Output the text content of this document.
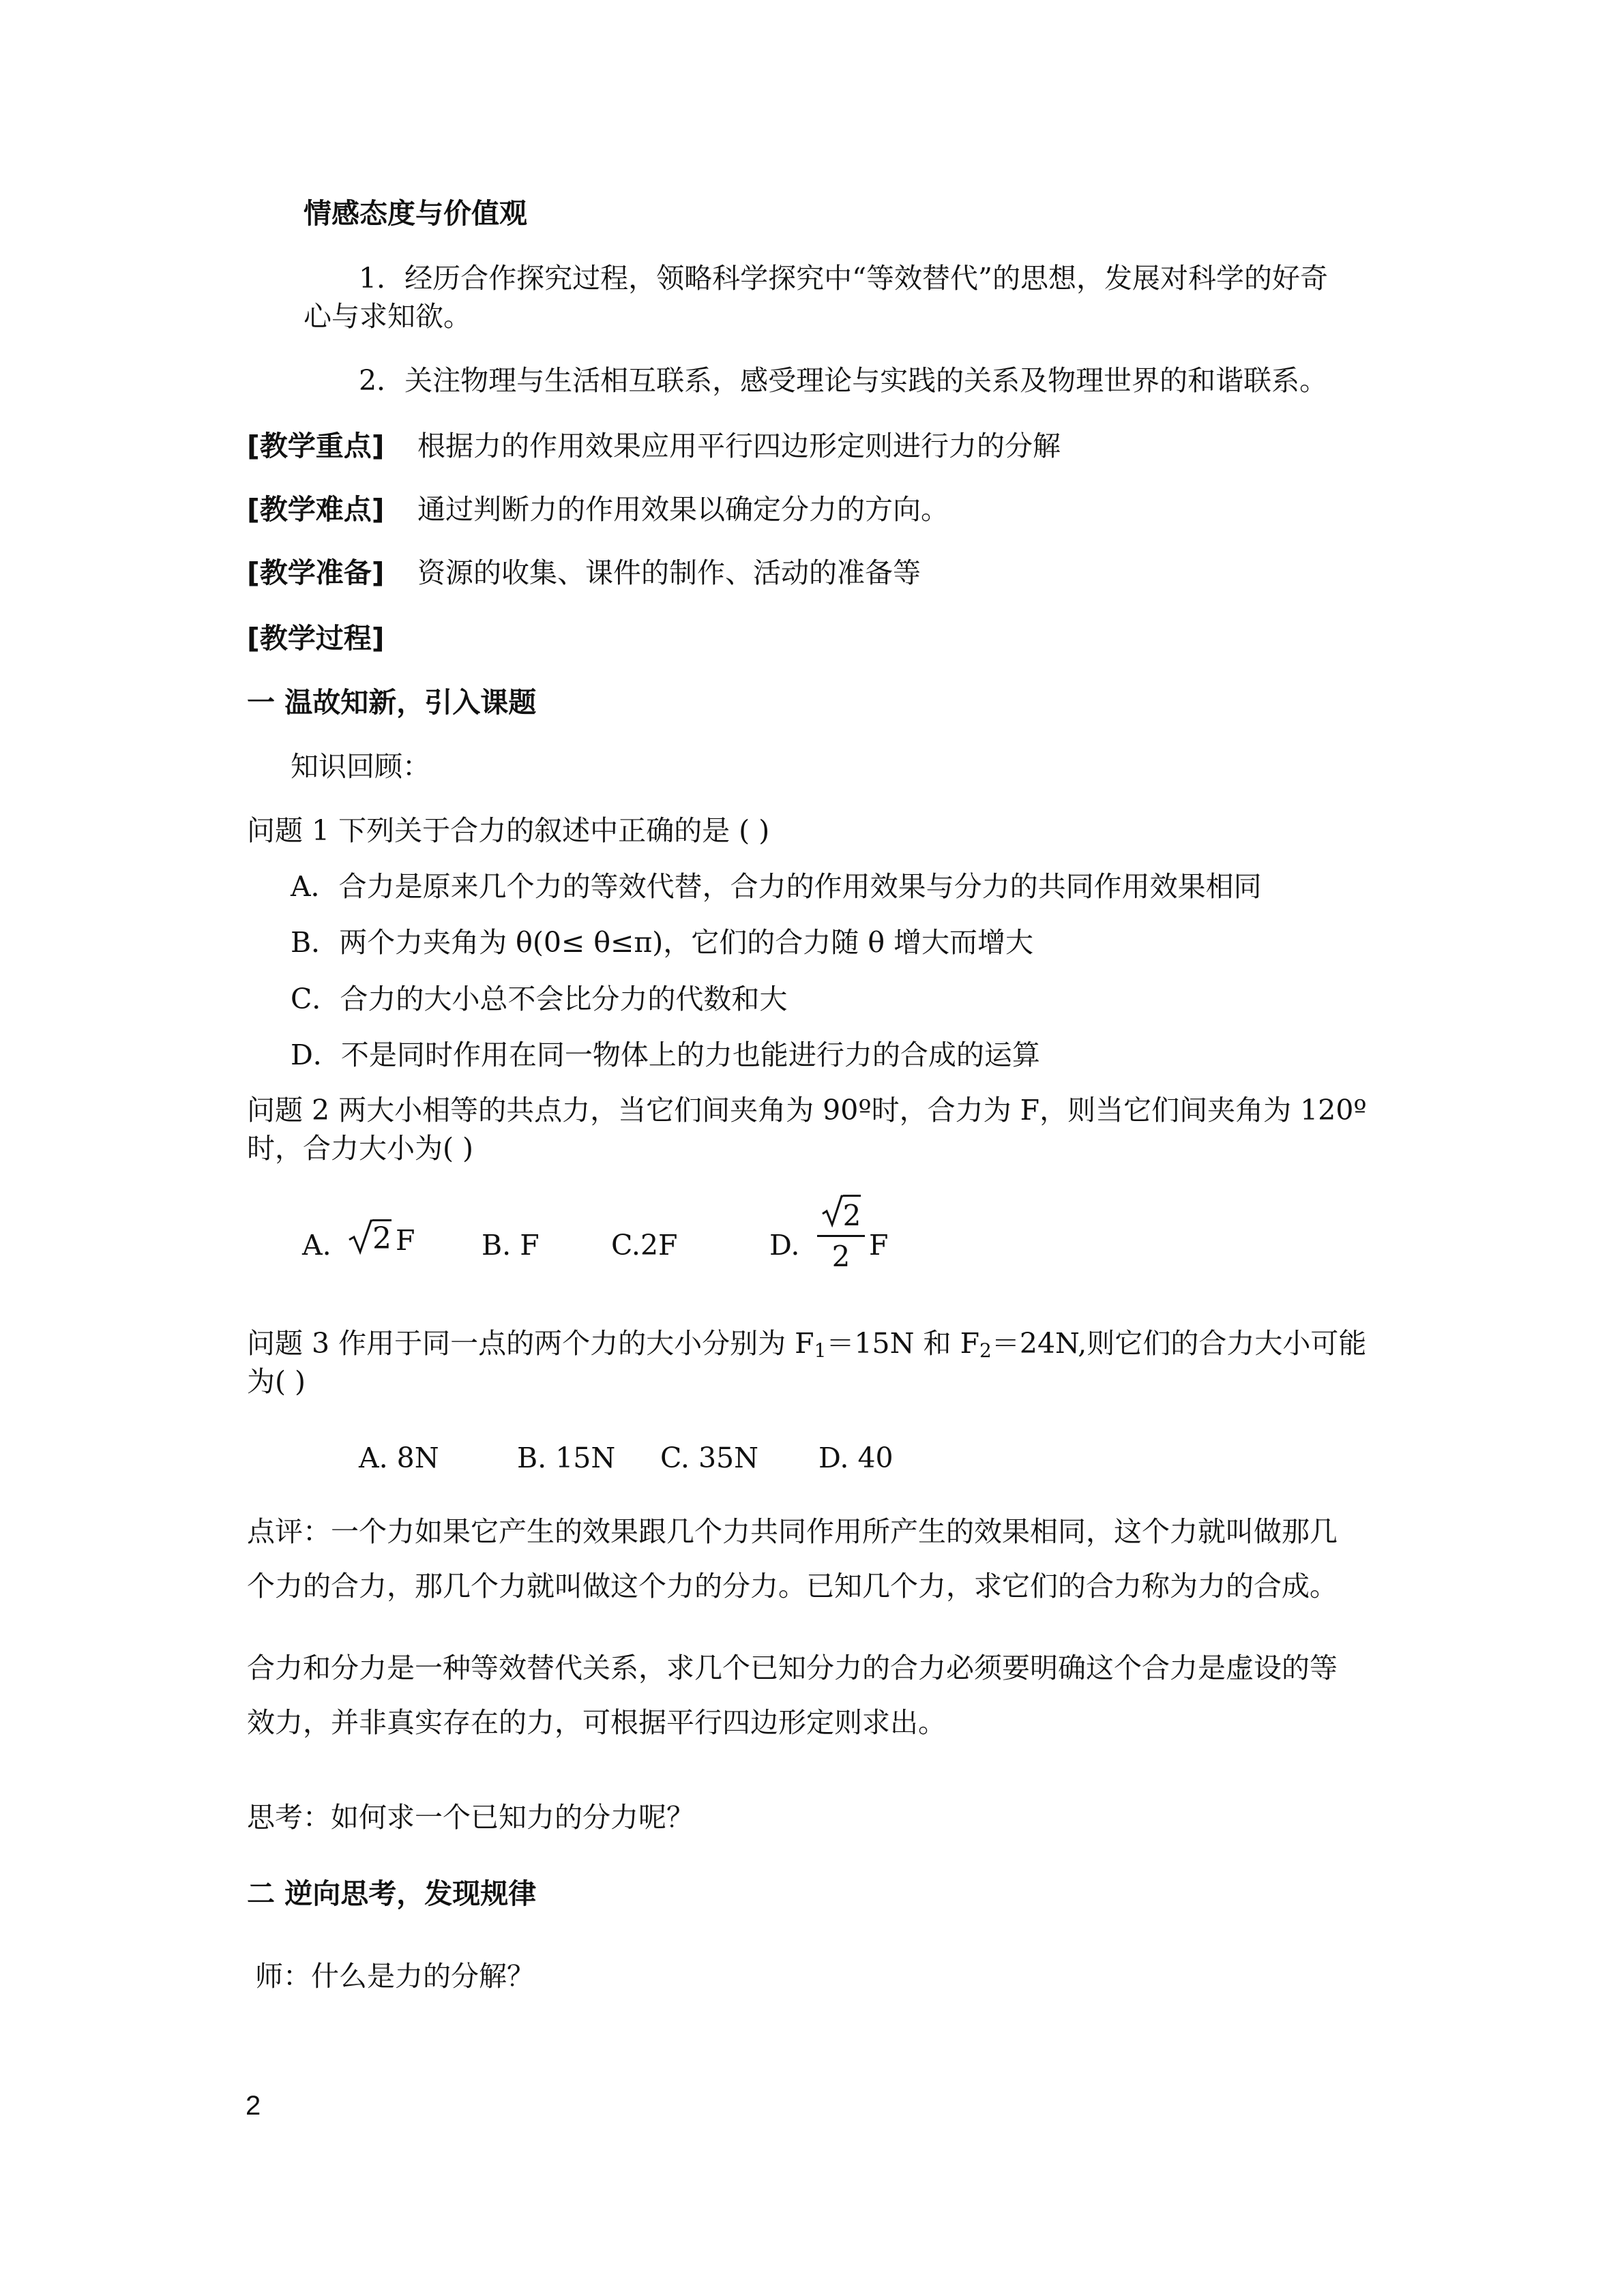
情感态度与价值观
1．经历合作探究过程，领略科学探究中“等效替代”的思想，发展对科学的好奇
心与求知欲。
2．关注物理与生活相互联系，感受理论与实践的关系及物理世界的和谐联系。
[教学重点] 根据力的作用效果应用平行四边形定则进行力的分解
[教学难点] 通过判断力的作用效果以确定分力的方向。
[教学准备] 资源的收集、课件的制作、活动的准备等
[教学过程]
一 温故知新，引入课题
知识回顾：
问题 1 下列关于合力的叙述中正确的是 ( )
A．合力是原来几个力的等效代替，合力的作用效果与分力的共同作用效果相同
B．两个力夹角为 θ(0≤ θ≤π)，它们的合力随 θ 增大而增大
C．合力的大小总不会比分力的代数和大
D．不是同时作用在同一物体上的力也能进行力的合成的运算
问题 2 两大小相等的共点力，当它们间夹角为 90º时，合力为 F，则当它们间夹角为 120º
时，合力大小为( )
A. 2 F B. F	C.2F	D.
2
2 F
问题 3 作用于同一点的两个力的大小分别为 $F_1=15N$ 和 $F_2=24N$,则它们的合力大小可能
为( )
A. 8N	B. 15N C. 35N D. 40
点评：一个力如果它产生的效果跟几个力共同作用所产生的效果相同，这个力就叫做那几
个力的合力，那几个力就叫做这个力的分力。已知几个力，求它们的合力称为力的合成。
合力和分力是一种等效替代关系，求几个已知分力的合力必须要明确这个合力是虚设的等
效力，并非真实存在的力，可根据平行四边形定则求出。
思考：如何求一个已知力的分力呢？
二 逆向思考，发现规律
师：什么是力的分解？
2
